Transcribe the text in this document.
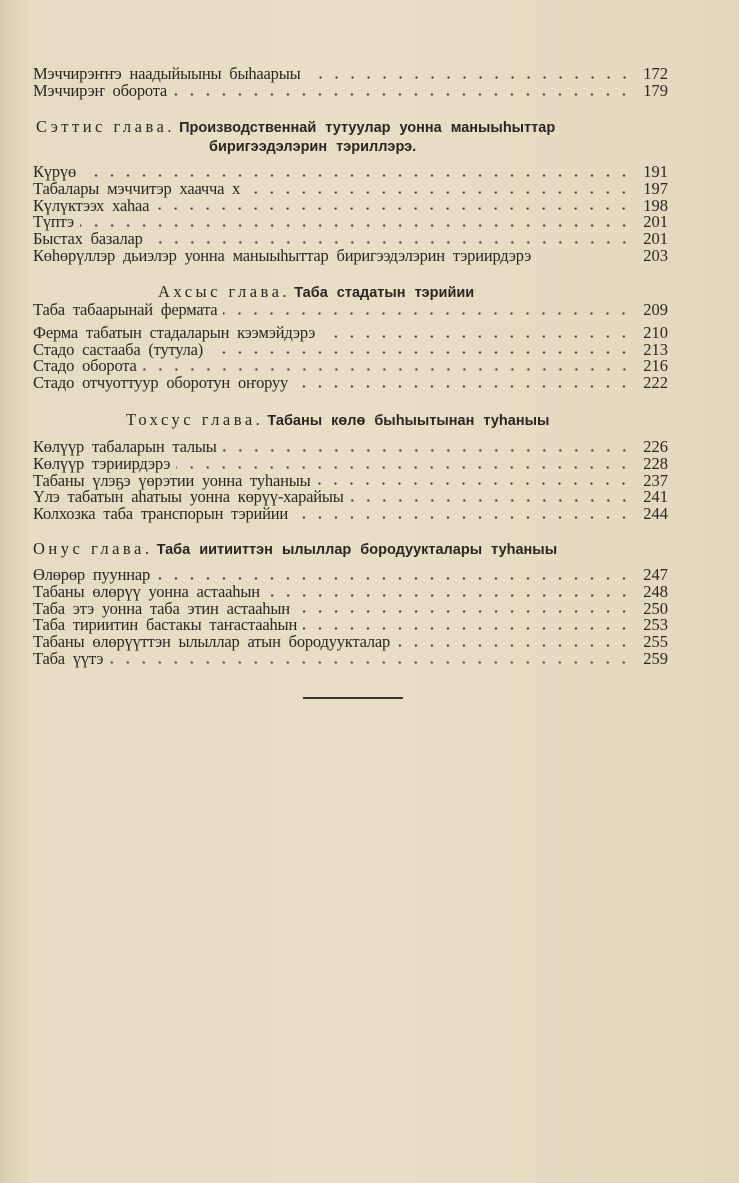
Мэччирэҥҥэ наадыйыыны быhаарыы	172
Мэччирэҥ оборота	179
Сэттис глава. Производственнай тутуулар уонна маныыhыттар
биригээдэлэрин тэриллэрэ.
Күрүө	191
Табалары мэччитэр хаачча х	197
Күлүктээх хаhаа	198
Түптэ	201
Быстах базалар	201
Көhөрүллэр дьиэлэр уонна маныыhыттар биригээдэлэрин тэриирдэрэ	203
Ахсыс глава. Таба стадатын тэрийии
Таба табаарынай фермата	209
Ферма табатын стадаларын кээмэйдэрэ	210
Стадо састааба (тутула)	213
Стадо оборота	216
Стадо отчуоттуур оборотун оҥоруу	222
Тохсус глава. Табаны көлө быhыытынан туhаныы
Көлүүр табаларын талыы	226
Көлүүр тэриирдэрэ	228
Табаны үлэҕэ үөрэтии уонна туhаныы	237
Үлэ табатын аhатыы уонна көрүү-харайыы	241
Колхозка таба транспорын тэрийии	244
Онус глава. Таба иитииттэн ылыллар бородуукталары туhаныы
Өлөрөр пууннар	247
Табаны өлөрүү уонна астааhын	248
Таба этэ уонна таба этин астааhын	250
Таба тириитин бастакы таҥастааhын	253
Табаны өлөрүүттэн ылыллар атын бородуукталар	255
Таба үүтэ	259
